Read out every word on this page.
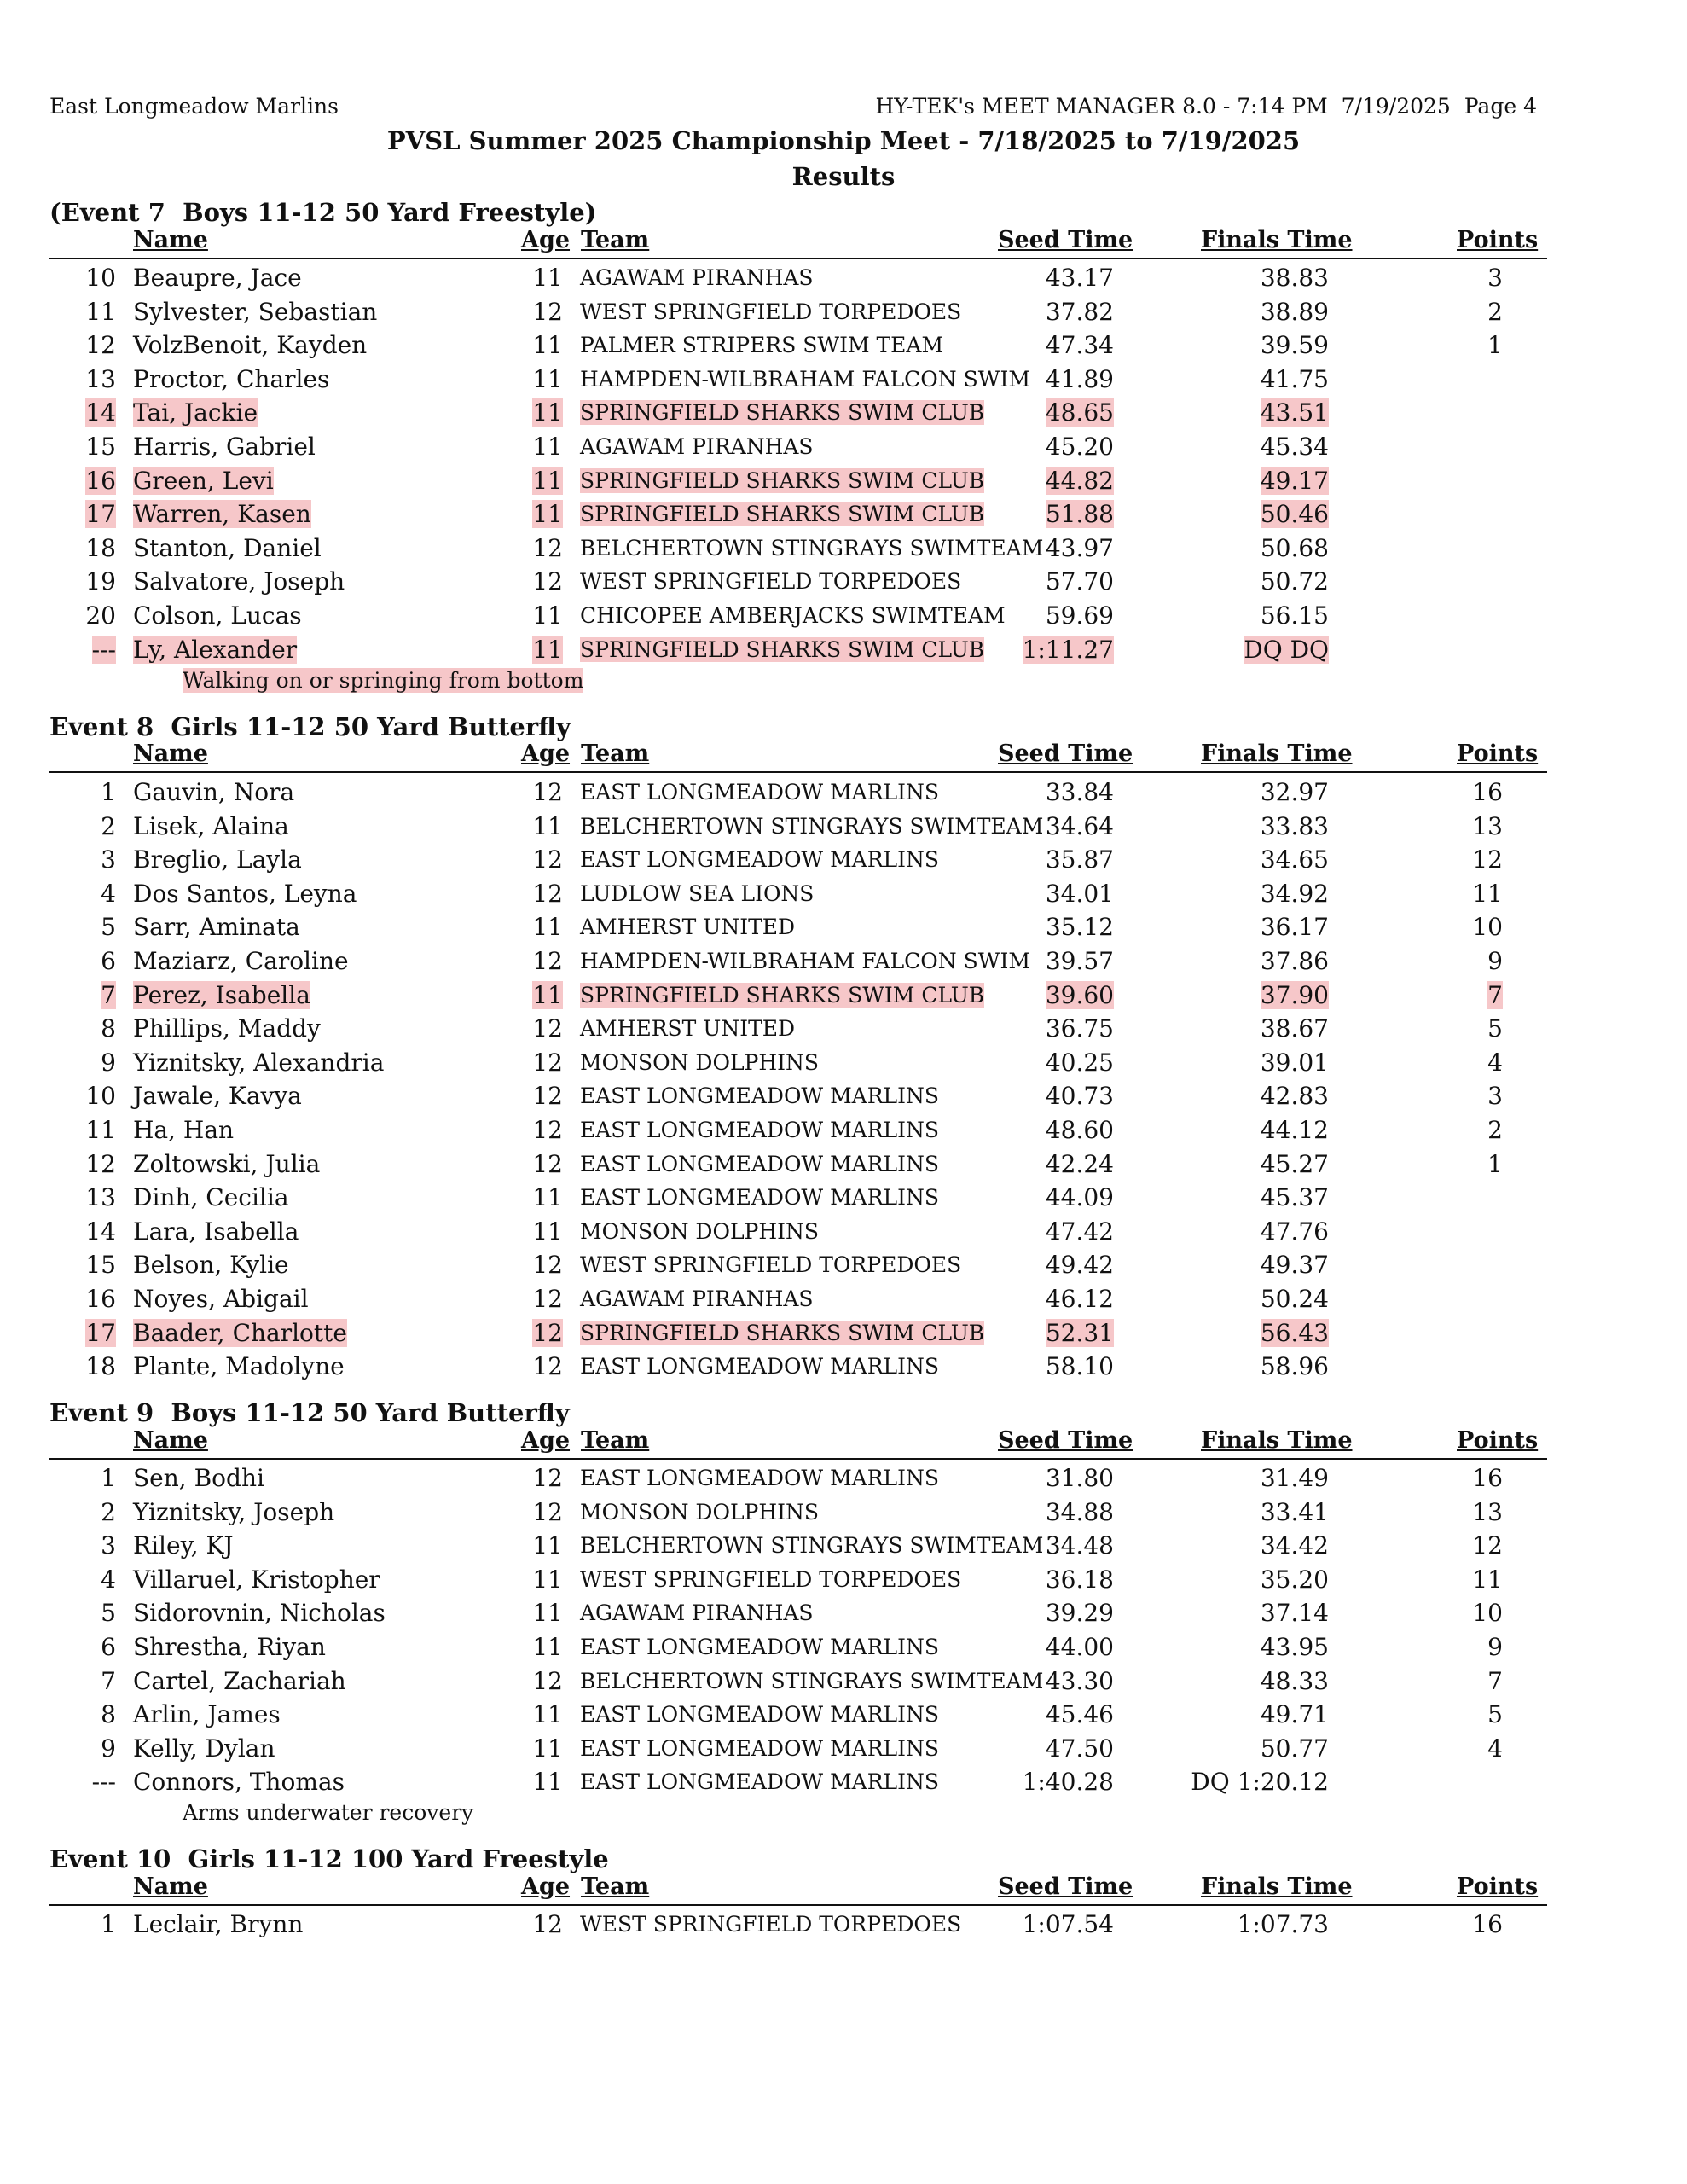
East Longmeadow Marlins	HY-TEK's MEET MANAGER 8.0 - 7:14 PM  7/19/2025  Page 4
PVSL Summer 2025 Championship Meet - 7/18/2025 to 7/19/2025
Results
(Event 7  Boys 11-12 50 Yard Freestyle)
Name	Age Team	Seed Time	Finals Time	Points
10 Beaupre, Jace	11 AGAWAM PIRANHAS	43.17	38.83	3
11 Sylvester, Sebastian	12 WEST SPRINGFIELD TORPEDOES	37.82	38.89	2
12 VolzBenoit, Kayden	11 PALMER STRIPERS SWIM TEAM	47.34	39.59	1
13 Proctor, Charles	11 HAMPDEN-WILBRAHAM FALCON SWIM 41.89	41.75
14 Tai, Jackie	11 SPRINGFIELD SHARKS SWIM CLUB	48.65	43.51
15 Harris, Gabriel	11 AGAWAM PIRANHAS	45.20	45.34
16 Green, Levi	11 SPRINGFIELD SHARKS SWIM CLUB	44.82	49.17
17 Warren, Kasen	11 SPRINGFIELD SHARKS SWIM CLUB	51.88	50.46
18 Stanton, Daniel	12 BELCHERTOWN STINGRAYS SWIMTEAM 43.97	50.68
19 Salvatore, Joseph	12 WEST SPRINGFIELD TORPEDOES	57.70	50.72
20 Colson, Lucas	11 CHICOPEE AMBERJACKS SWIMTEAM 59.69	56.15
--- Ly, Alexander	11 SPRINGFIELD SHARKS SWIM CLUB 1:11.27	DQ DQ
Walking on or springing from bottom
Event 8  Girls 11-12 50 Yard Butterfly
Name	Age Team	Seed Time	Finals Time	Points
1 Gauvin, Nora	12 EAST LONGMEADOW MARLINS	33.84	32.97	16
2 Lisek, Alaina	11 BELCHERTOWN STINGRAYS SWIMTEAM 34.64	33.83	13
3 Breglio, Layla	12 EAST LONGMEADOW MARLINS	35.87	34.65	12
4 Dos Santos, Leyna	12 LUDLOW SEA LIONS	34.01	34.92	11
5 Sarr, Aminata	11 AMHERST UNITED	35.12	36.17	10
6 Maziarz, Caroline	12 HAMPDEN-WILBRAHAM FALCON SWIM 39.57	37.86	9
7 Perez, Isabella	11 SPRINGFIELD SHARKS SWIM CLUB	39.60	37.90	7
8 Phillips, Maddy	12 AMHERST UNITED	36.75	38.67	5
9 Yiznitsky, Alexandria	12 MONSON DOLPHINS	40.25	39.01	4
10 Jawale, Kavya	12 EAST LONGMEADOW MARLINS	40.73	42.83	3
11 Ha, Han	12 EAST LONGMEADOW MARLINS	48.60	44.12	2
12 Zoltowski, Julia	12 EAST LONGMEADOW MARLINS	42.24	45.27	1
13 Dinh, Cecilia	11 EAST LONGMEADOW MARLINS	44.09	45.37
14 Lara, Isabella	11 MONSON DOLPHINS	47.42	47.76
15 Belson, Kylie	12 WEST SPRINGFIELD TORPEDOES	49.42	49.37
16 Noyes, Abigail	12 AGAWAM PIRANHAS	46.12	50.24
17 Baader, Charlotte	12 SPRINGFIELD SHARKS SWIM CLUB	52.31	56.43
18 Plante, Madolyne	12 EAST LONGMEADOW MARLINS	58.10	58.96
Event 9  Boys 11-12 50 Yard Butterfly
Name	Age Team	Seed Time	Finals Time	Points
1 Sen, Bodhi	12 EAST LONGMEADOW MARLINS	31.80	31.49	16
2 Yiznitsky, Joseph	12 MONSON DOLPHINS	34.88	33.41	13
3 Riley, KJ	11 BELCHERTOWN STINGRAYS SWIMTEAM 34.48	34.42	12
4 Villaruel, Kristopher	11 WEST SPRINGFIELD TORPEDOES	36.18	35.20	11
5 Sidorovnin, Nicholas	11 AGAWAM PIRANHAS	39.29	37.14	10
6 Shrestha, Riyan	11 EAST LONGMEADOW MARLINS	44.00	43.95	9
7 Cartel, Zachariah	12 BELCHERTOWN STINGRAYS SWIMTEAM 43.30	48.33	7
8 Arlin, James	11 EAST LONGMEADOW MARLINS	45.46	49.71	5
9 Kelly, Dylan	11 EAST LONGMEADOW MARLINS	47.50	50.77	4
--- Connors, Thomas	11 EAST LONGMEADOW MARLINS	1:40.28	DQ 1:20.12
Arms underwater recovery
Event 10  Girls 11-12 100 Yard Freestyle
Name	Age Team	Seed Time	Finals Time	Points
1 Leclair, Brynn	12 WEST SPRINGFIELD TORPEDOES	1:07.54	1:07.73	16
